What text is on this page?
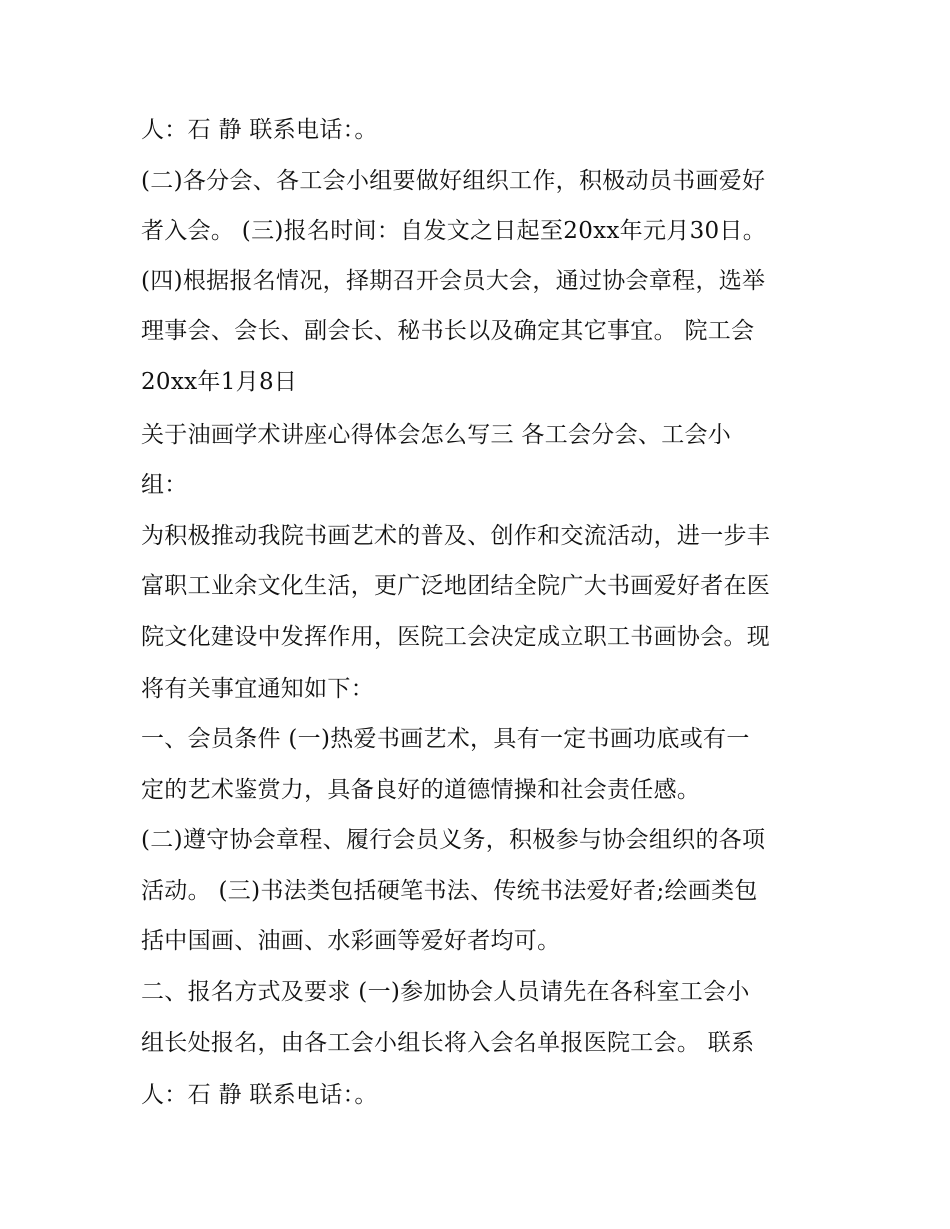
人：石 静 联系电话：。
(二)各分会、各工会小组要做好组织工作，积极动员书画爱好
者入会。 (三)报名时间：自发文之日起至20xx年元月30日。
(四)根据报名情况，择期召开会员大会，通过协会章程，选举
理事会、会长、副会长、秘书长以及确定其它事宜。 院工会
20xx年1月8日
关于油画学术讲座心得体会怎么写三 各工会分会、工会小
组：
为积极推动我院书画艺术的普及、创作和交流活动，进一步丰
富职工业余文化生活，更广泛地团结全院广大书画爱好者在医
院文化建设中发挥作用，医院工会决定成立职工书画协会。现
将有关事宜通知如下：
一、会员条件 (一)热爱书画艺术，具有一定书画功底或有一
定的艺术鉴赏力，具备良好的道德情操和社会责任感。
(二)遵守协会章程、履行会员义务，积极参与协会组织的各项
活动。 (三)书法类包括硬笔书法、传统书法爱好者;绘画类包
括中国画、油画、水彩画等爱好者均可。
二、报名方式及要求 (一)参加协会人员请先在各科室工会小
组长处报名，由各工会小组长将入会名单报医院工会。 联系
人：石 静 联系电话：。
